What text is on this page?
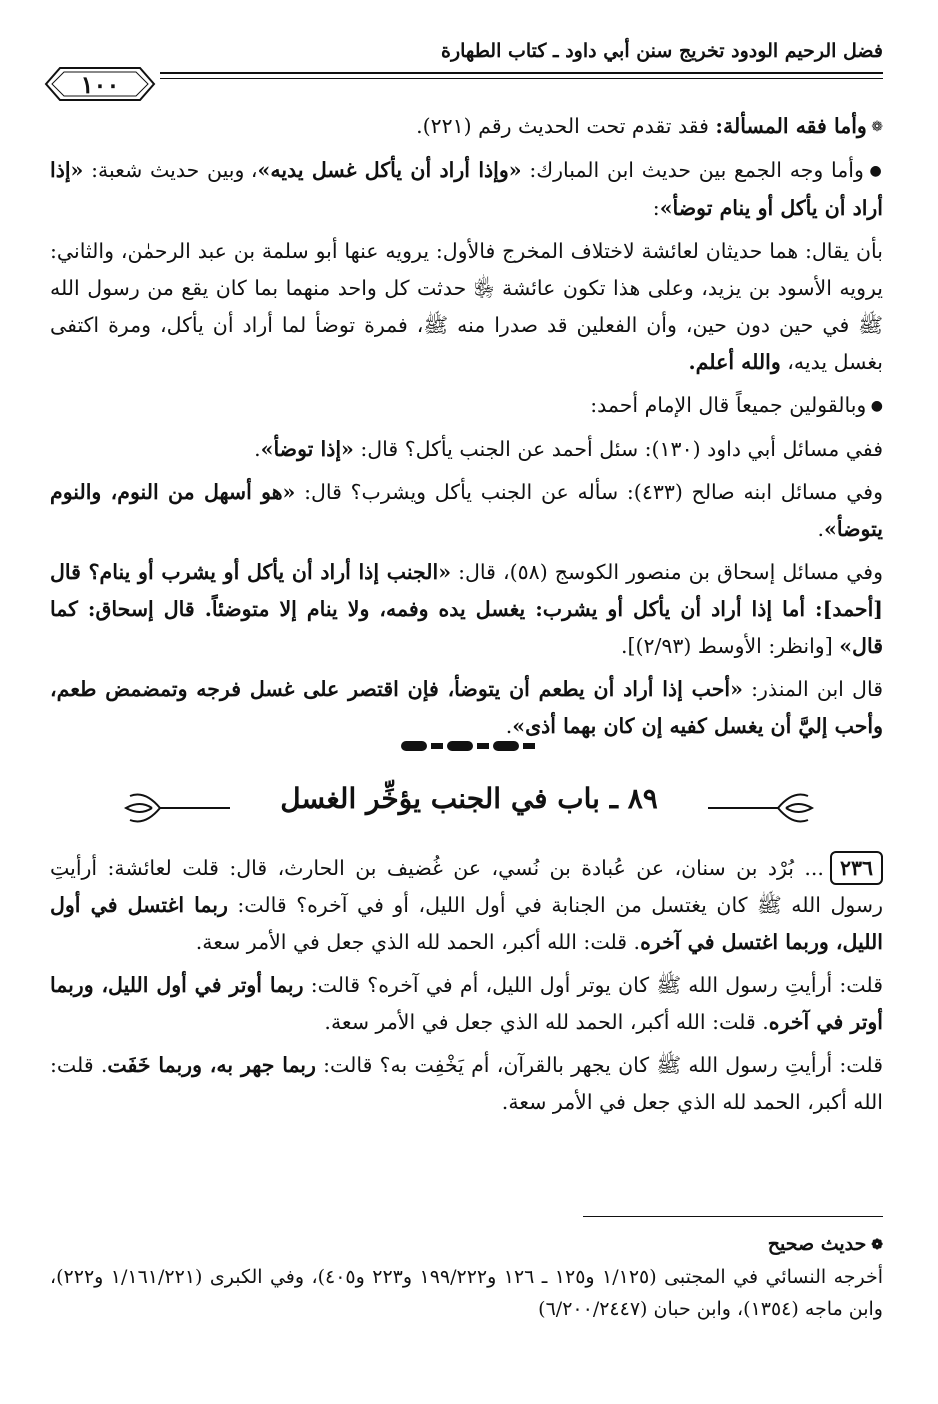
فضل الرحيم الودود تخريج سنن أبي داود ـ كتاب الطهارة
١٠٠

❁ وأما فقه المسألة: فقد تقدم تحت الحديث رقم (٢٢١).

● وأما وجه الجمع بين حديث ابن المبارك: «وإذا أراد أن يأكل غسل يديه»، وبين حديث شعبة: «إذا أراد أن يأكل أو ينام توضأ»:

بأن يقال: هما حديثان لعائشة لاختلاف المخرج فالأول: يرويه عنها أبو سلمة بن عبد الرحمٰن، والثاني: يرويه الأسود بن يزيد، وعلى هذا تكون عائشة ﵂ حدثت كل واحد منهما بما كان يقع من رسول الله ﷺ في حين دون حين، وأن الفعلين قد صدرا منه ﷺ، فمرة توضأ لما أراد أن يأكل، ومرة اكتفى بغسل يديه، والله أعلم.

● وبالقولين جميعاً قال الإمام أحمد:

ففي مسائل أبي داود (١٣٠): سئل أحمد عن الجنب يأكل؟ قال: «إذا توضأ».

وفي مسائل ابنه صالح (٤٣٣): سأله عن الجنب يأكل ويشرب؟ قال: «هو أسهل من النوم، والنوم يتوضأ».

وفي مسائل إسحاق بن منصور الكوسج (٥٨)، قال: «الجنب إذا أراد أن يأكل أو يشرب أو ينام؟ قال [أحمد]: أما إذا أراد أن يأكل أو يشرب: يغسل يده وفمه، ولا ينام إلا متوضئاً. قال إسحاق: كما قال» [وانظر: الأوسط (٢/٩٣)].

قال ابن المنذر: «أحب إذا أراد أن يطعم أن يتوضأ، فإن اقتصر على غسل فرجه وتمضمض طعم، وأحب إليَّ أن يغسل كفيه إن كان بهما أذى».

٨٩ ـ باب في الجنب يؤخِّر الغسل

٢٣٦... بُرْد بن سنان، عن عُبادة بن نُسي، عن غُضيف بن الحارث، قال: قلت لعائشة: أرأيتِ رسول الله ﷺ كان يغتسل من الجنابة في أول الليل، أو في آخره؟ قالت: ربما اغتسل في أول الليل، وربما اغتسل في آخره. قلت: الله أكبر، الحمد لله الذي جعل في الأمر سعة.

قلت: أرأيتِ رسول الله ﷺ كان يوتر أول الليل، أم في آخره؟ قالت: ربما أوتر في أول الليل، وربما أوتر في آخره. قلت: الله أكبر، الحمد لله الذي جعل في الأمر سعة.

قلت: أرأيتِ رسول الله ﷺ كان يجهر بالقرآن، أم يَخْفِت به؟ قالت: ربما جهر به، وربما خَفَت. قلت: الله أكبر، الحمد لله الذي جعل في الأمر سعة.

❁ حديث صحيح

أخرجه النسائي في المجتبى (١/١٢٥ و١٢٥ ـ ١٢٦ و١٩٩/٢٢٢ و٢٢٣ و٤٠٥)، وفي الكبرى (١/١٦١/٢٢١ و٢٢٢)، وابن ماجه (١٣٥٤)، وابن حبان (٦/٢٠٠/٢٤٤٧)
